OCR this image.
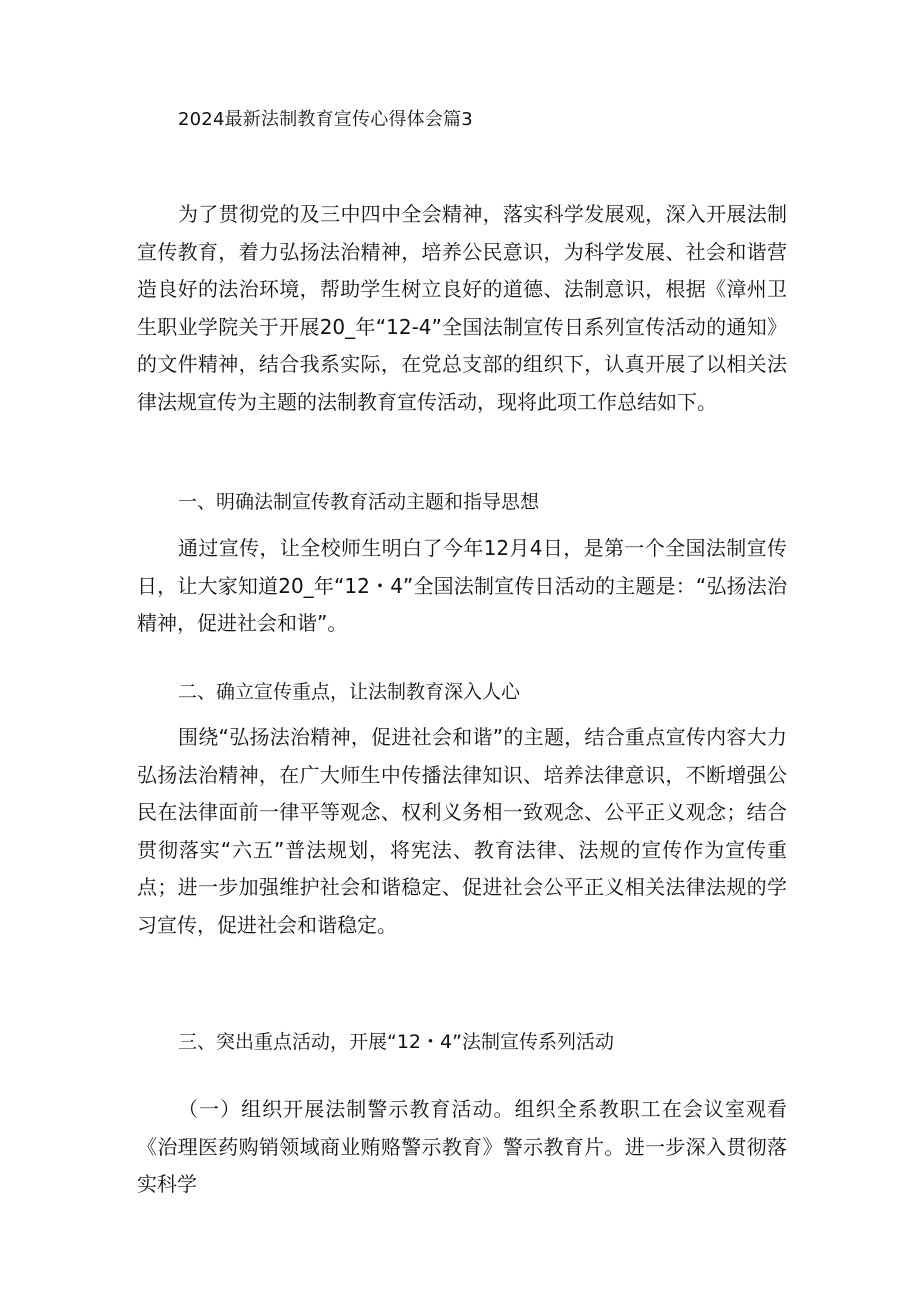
2024最新法制教育宣传心得体会篇3

为了贯彻党的及三中四中全会精神，落实科学发展观，深入开展法制宣传教育，着力弘扬法治精神，培养公民意识，为科学发展、社会和谐营造良好的法治环境，帮助学生树立良好的道德、法制意识，根据《漳州卫生职业学院关于开展20_年“12-4”全国法制宣传日系列宣传活动的通知》的文件精神，结合我系实际，在党总支部的组织下，认真开展了以相关法律法规宣传为主题的法制教育宣传活动，现将此项工作总结如下。

一、明确法制宣传教育活动主题和指导思想

通过宣传，让全校师生明白了今年12月4日，是第一个全国法制宣传日，让大家知道20_年“12・4”全国法制宣传日活动的主题是：“弘扬法治精神，促进社会和谐”。

二、确立宣传重点，让法制教育深入人心

围绕“弘扬法治精神，促进社会和谐”的主题，结合重点宣传内容大力弘扬法治精神，在广大师生中传播法律知识、培养法律意识，不断增强公民在法律面前一律平等观念、权利义务相一致观念、公平正义观念；结合贯彻落实“六五”普法规划，将宪法、教育法律、法规的宣传作为宣传重点；进一步加强维护社会和谐稳定、促进社会公平正义相关法律法规的学习宣传，促进社会和谐稳定。

三、突出重点活动，开展“12・4”法制宣传系列活动

（一）组织开展法制警示教育活动。组织全系教职工在会议室观看《治理医药购销领域商业贿赂警示教育》警示教育片。进一步深入贯彻落实科学
